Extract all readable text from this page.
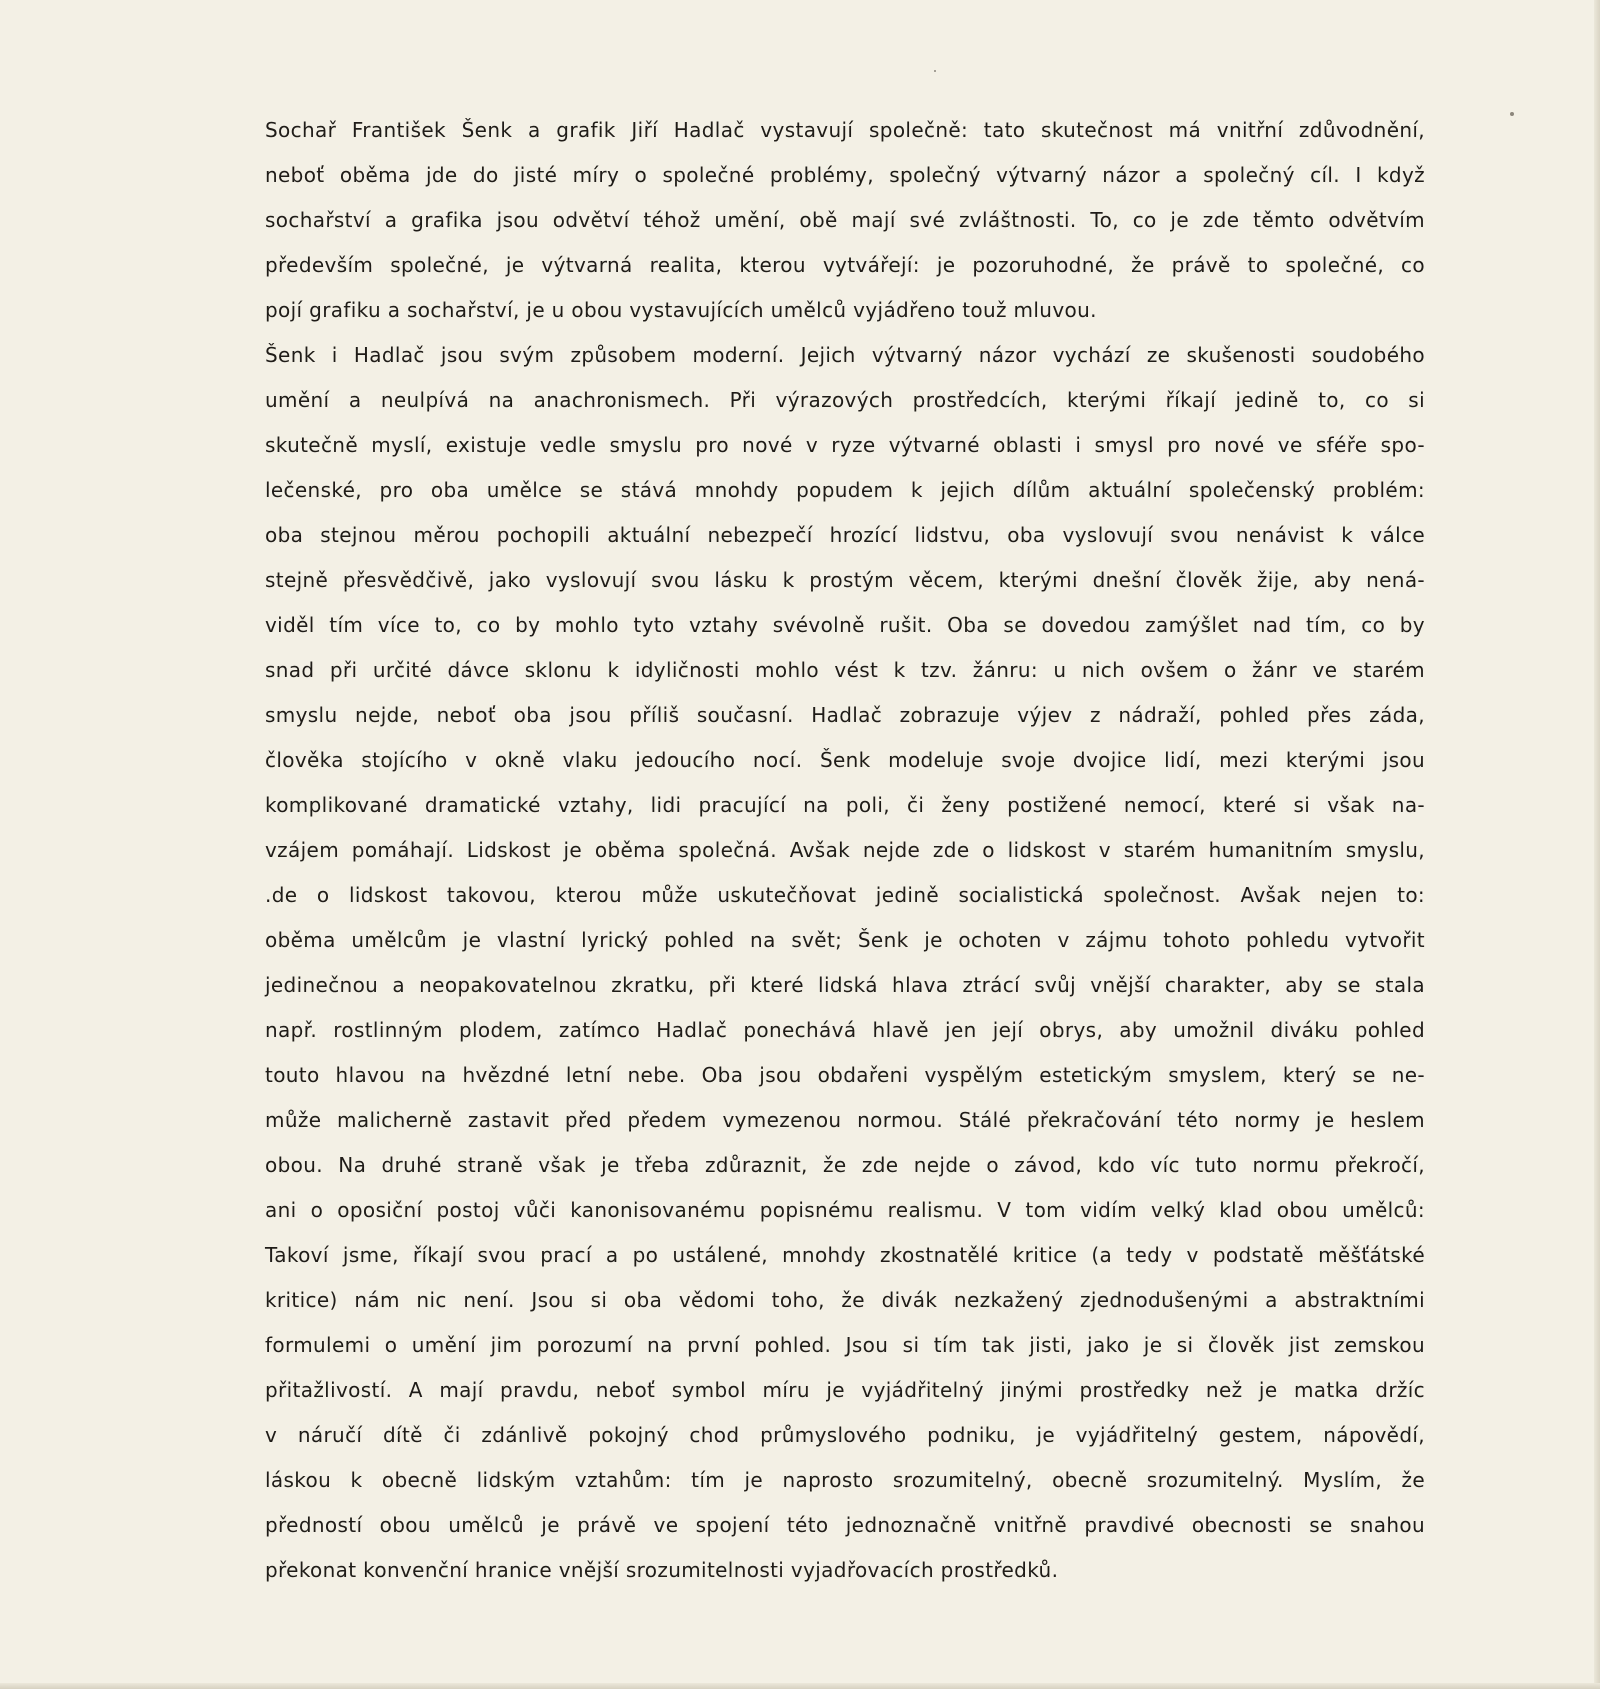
Sochař František Šenk a grafik Jiří Hadlač vystavují společně: tato skutečnost má vnitřní zdůvodnění,
neboť oběma jde do jisté míry o společné problémy, společný výtvarný názor a společný cíl. I když
sochařství a grafika jsou odvětví téhož umění, obě mají své zvláštnosti. To, co je zde těmto odvětvím
především společné, je výtvarná realita, kterou vytvářejí: je pozoruhodné, že právě to společné, co
pojí grafiku a sochařství, je u obou vystavujících umělců vyjádřeno touž mluvou.
Šenk i Hadlač jsou svým způsobem moderní. Jejich výtvarný názor vychází ze skušenosti soudobého
umění a neulpívá na anachronismech. Při výrazových prostředcích, kterými říkají jedině to, co si
skutečně myslí, existuje vedle smyslu pro nové v ryze výtvarné oblasti i smysl pro nové ve sféře spo-
lečenské, pro oba umělce se stává mnohdy popudem k jejich dílům aktuální společenský problém:
oba stejnou měrou pochopili aktuální nebezpečí hrozící lidstvu, oba vyslovují svou nenávist k válce
stejně přesvědčivě, jako vyslovují svou lásku k prostým věcem, kterými dnešní člověk žije, aby nená-
viděl tím více to, co by mohlo tyto vztahy svévolně rušit. Oba se dovedou zamýšlet nad tím, co by
snad při určité dávce sklonu k idyličnosti mohlo vést k tzv. žánru: u nich ovšem o žánr ve starém
smyslu nejde, neboť oba jsou příliš současní. Hadlač zobrazuje výjev z nádraží, pohled přes záda,
člověka stojícího v okně vlaku jedoucího nocí. Šenk modeluje svoje dvojice lidí, mezi kterými jsou
komplikované dramatické vztahy, lidi pracující na poli, či ženy postižené nemocí, které si však na-
vzájem pomáhají. Lidskost je oběma společná. Avšak nejde zde o lidskost v starém humanitním smyslu,
.de o lidskost takovou, kterou může uskutečňovat jedině socialistická společnost. Avšak nejen to:
oběma umělcům je vlastní lyrický pohled na svět; Šenk je ochoten v zájmu tohoto pohledu vytvořit
jedinečnou a neopakovatelnou zkratku, při které lidská hlava ztrácí svůj vnější charakter, aby se stala
např. rostlinným plodem, zatímco Hadlač ponechává hlavě jen její obrys, aby umožnil diváku pohled
touto hlavou na hvězdné letní nebe. Oba jsou obdařeni vyspělým estetickým smyslem, který se ne-
může malicherně zastavit před předem vymezenou normou. Stálé překračování této normy je heslem
obou. Na druhé straně však je třeba zdůraznit, že zde nejde o závod, kdo víc tuto normu překročí,
ani o oposiční postoj vůči kanonisovanému popisnému realismu. V tom vidím velký klad obou umělců:
Takoví jsme, říkají svou prací a po ustálené, mnohdy zkostnatělé kritice (a tedy v podstatě měšťátské
kritice) nám nic není. Jsou si oba vědomi toho, že divák nezkažený zjednodušenými a abstraktními
formulemi o umění jim porozumí na první pohled. Jsou si tím tak jisti, jako je si člověk jist zemskou
přitažlivostí. A mají pravdu, neboť symbol míru je vyjádřitelný jinými prostředky než je matka držíc
v náručí dítě či zdánlivě pokojný chod průmyslového podniku, je vyjádřitelný gestem, nápovědí,
láskou k obecně lidským vztahům: tím je naprosto srozumitelný, obecně srozumitelný. Myslím, že
předností obou umělců je právě ve spojení této jednoznačně vnitřně pravdivé obecnosti se snahou
překonat konvenční hranice vnější srozumitelnosti vyjadřovacích prostředků.
